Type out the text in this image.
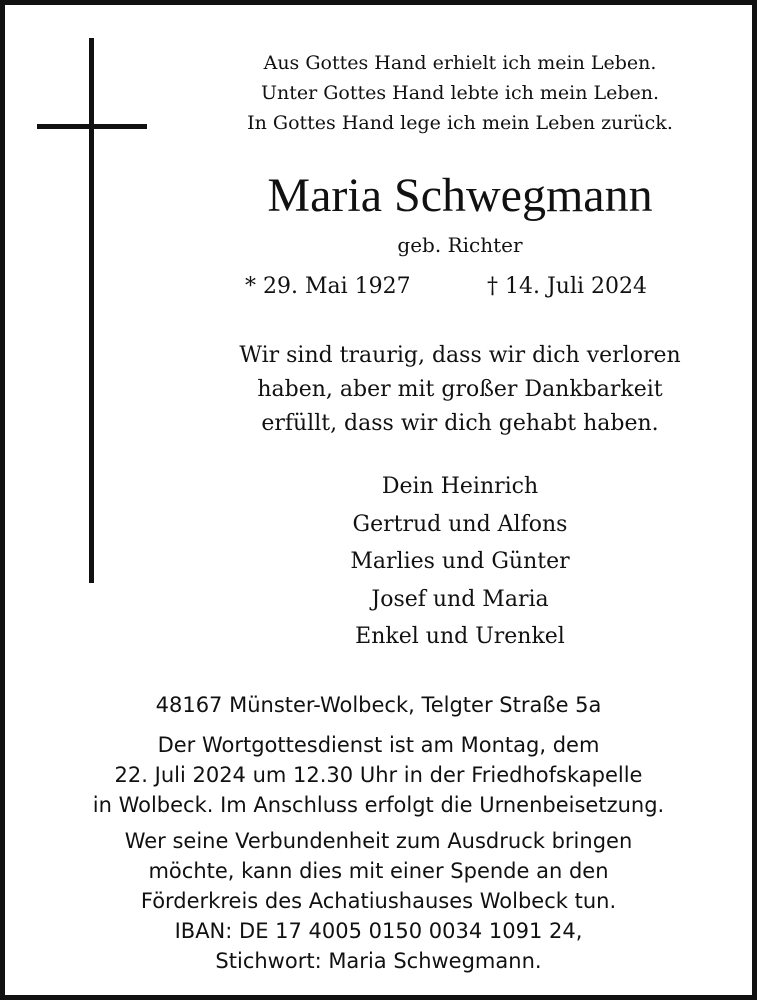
Aus Gottes Hand erhielt ich mein Leben.
Unter Gottes Hand lebte ich mein Leben.
In Gottes Hand lege ich mein Leben zurück.
Maria Schwegmann
geb. Richter
* 29. Mai 1927	† 14. Juli 2024
Wir sind traurig, dass wir dich verloren
haben, aber mit großer Dankbarkeit
erfüllt, dass wir dich gehabt haben.
Dein Heinrich
Gertrud und Alfons
Marlies und Günter
Josef und Maria
Enkel und Urenkel
48167 Münster-Wolbeck, Telgter Straße 5a
Der Wortgottesdienst ist am Montag, dem
22. Juli 2024 um 12.30 Uhr in der Friedhofskapelle
in Wolbeck. Im Anschluss erfolgt die Urnenbeisetzung.
Wer seine Verbundenheit zum Ausdruck bringen
möchte, kann dies mit einer Spende an den
Förderkreis des Achatiushauses Wolbeck tun.
IBAN: DE 17 4005 0150 0034 1091 24,
Stichwort: Maria Schwegmann.
